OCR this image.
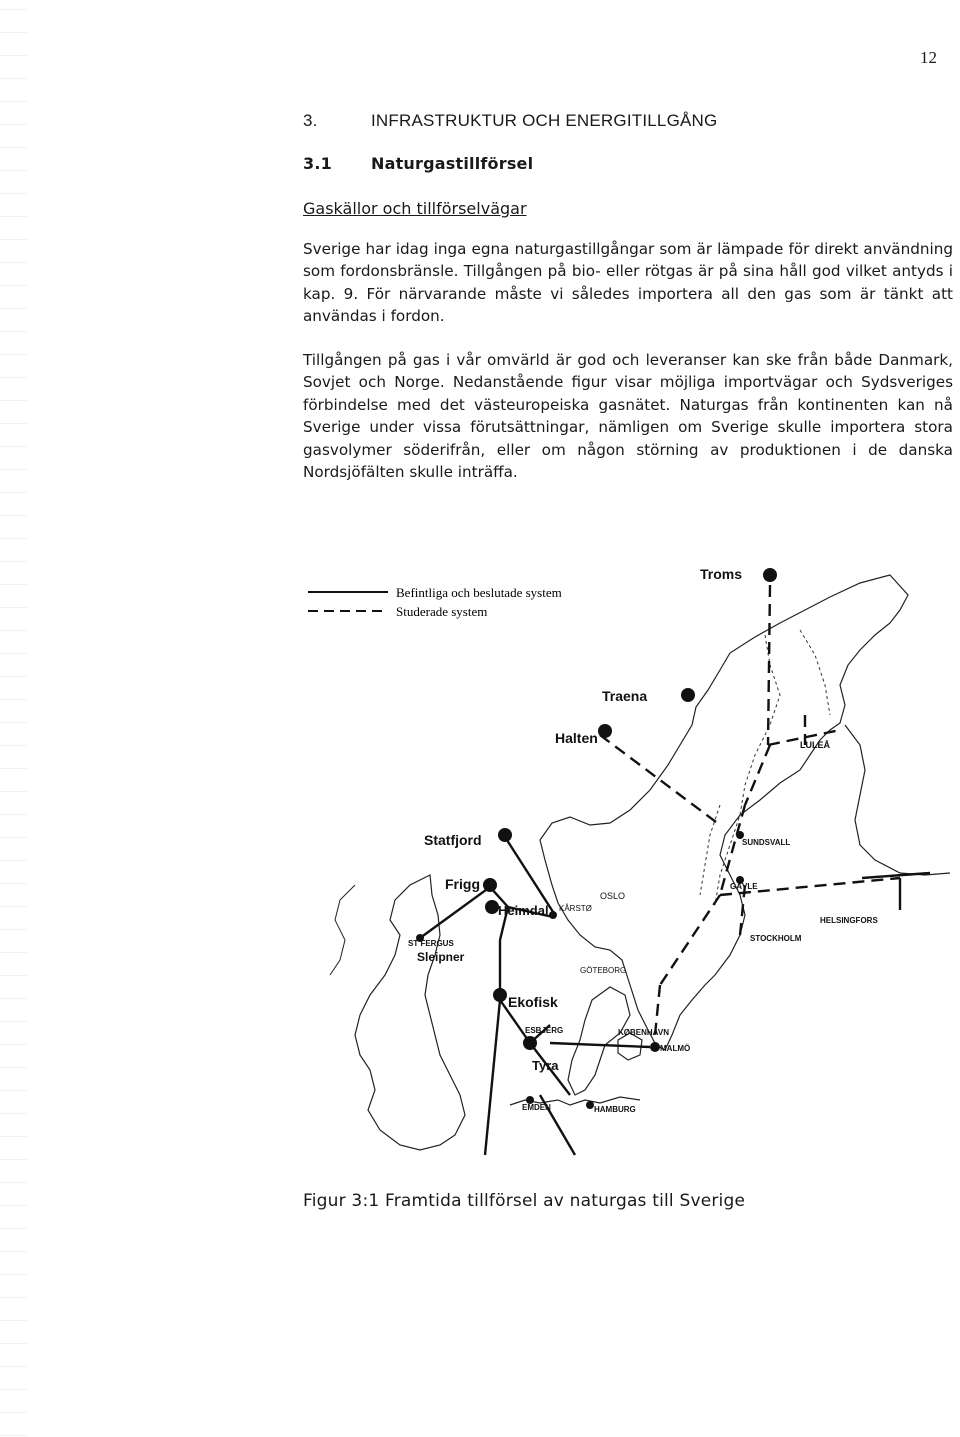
12
3.	INFRASTRUKTUR OCH ENERGITILLGÅNG
3.1 Naturgastillförsel
Gaskällor och tillförselvägar

Sverige har idag inga egna naturgastillgångar som är lämpade för direkt användning som fordonsbränsle. Tillgången på bio- eller rötgas är på sina håll god vilket antyds i kap. 9. För närvarande måste vi således importera all den gas som är tänkt att användas i fordon.

Tillgången på gas i vår omvärld är god och leveranser kan ske från både Danmark, Sovjet och Norge. Nedanstående figur visar möjliga importvägar och Sydsveriges förbindelse med det västeuropeiska gasnätet. Naturgas från kontinenten kan nå Sverige under vissa förutsättningar, nämligen om Sverige skulle importera stora gasvolymer söderifrån, eller om någon störning av produktionen i de danska Nordsjöfälten skulle inträffa.

Befintliga och beslutade system
Studerade system
Troms
Traena
Halten	LULEÅ
Statfjord
Frigg
Heimdal KÅRSTØ
OSLO
SUNDSVALL
GÄVLE
HELSINGFORS
STOCKHOLM
ST FERGUS
Sleipner
GÖTEBORG
Ekofisk
ESBJERG	KØBENHAVN
MALMÖ
Tyra
EMDEN	HAMBURG
Figur 3:1 Framtida tillförsel av naturgas till Sverige
